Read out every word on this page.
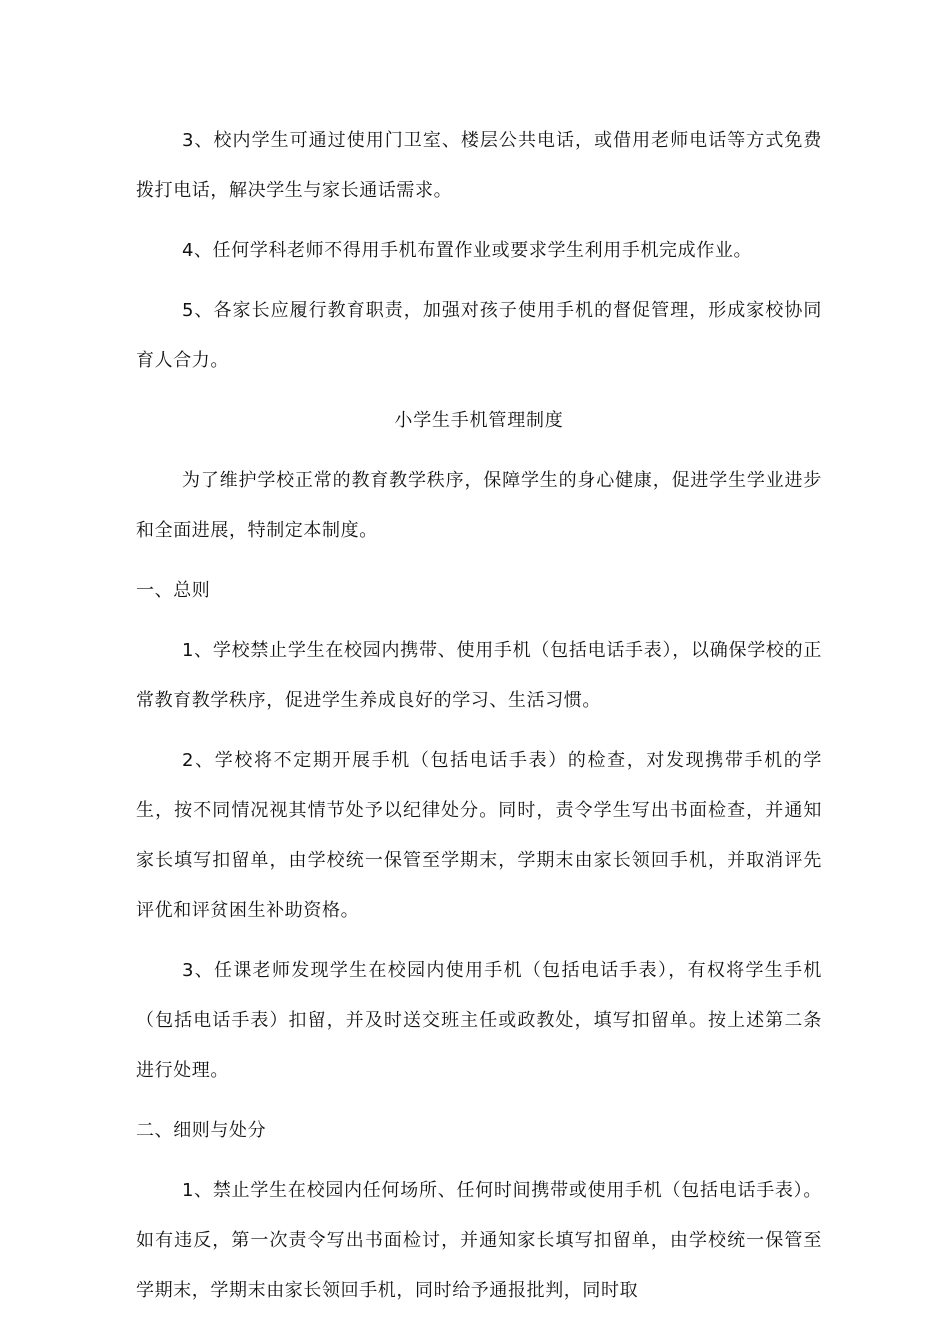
3、校内学生可通过使用门卫室、楼层公共电话，或借用老师电话等方式免费拨打电话，解决学生与家长通话需求。

4、任何学科老师不得用手机布置作业或要求学生利用手机完成作业。

5、各家长应履行教育职责，加强对孩子使用手机的督促管理，形成家校协同育人合力。

小学生手机管理制度

为了维护学校正常的教育教学秩序，保障学生的身心健康，促进学生学业进步和全面进展，特制定本制度。

一、总则

1、学校禁止学生在校园内携带、使用手机（包括电话手表），以确保学校的正常教育教学秩序，促进学生养成良好的学习、生活习惯。

2、学校将不定期开展手机（包括电话手表）的检查，对发现携带手机的学生，按不同情况视其情节处予以纪律处分。同时，责令学生写出书面检查，并通知家长填写扣留单，由学校统一保管至学期末，学期末由家长领回手机，并取消评先评优和评贫困生补助资格。

3、任课老师发现学生在校园内使用手机（包括电话手表），有权将学生手机（包括电话手表）扣留，并及时送交班主任或政教处，填写扣留单。按上述第二条进行处理。

二、细则与处分

1、禁止学生在校园内任何场所、任何时间携带或使用手机（包括电话手表）。如有违反，第一次责令写出书面检讨，并通知家长填写扣留单，由学校统一保管至学期末，学期末由家长领回手机，同时给予通报批判，同时取
